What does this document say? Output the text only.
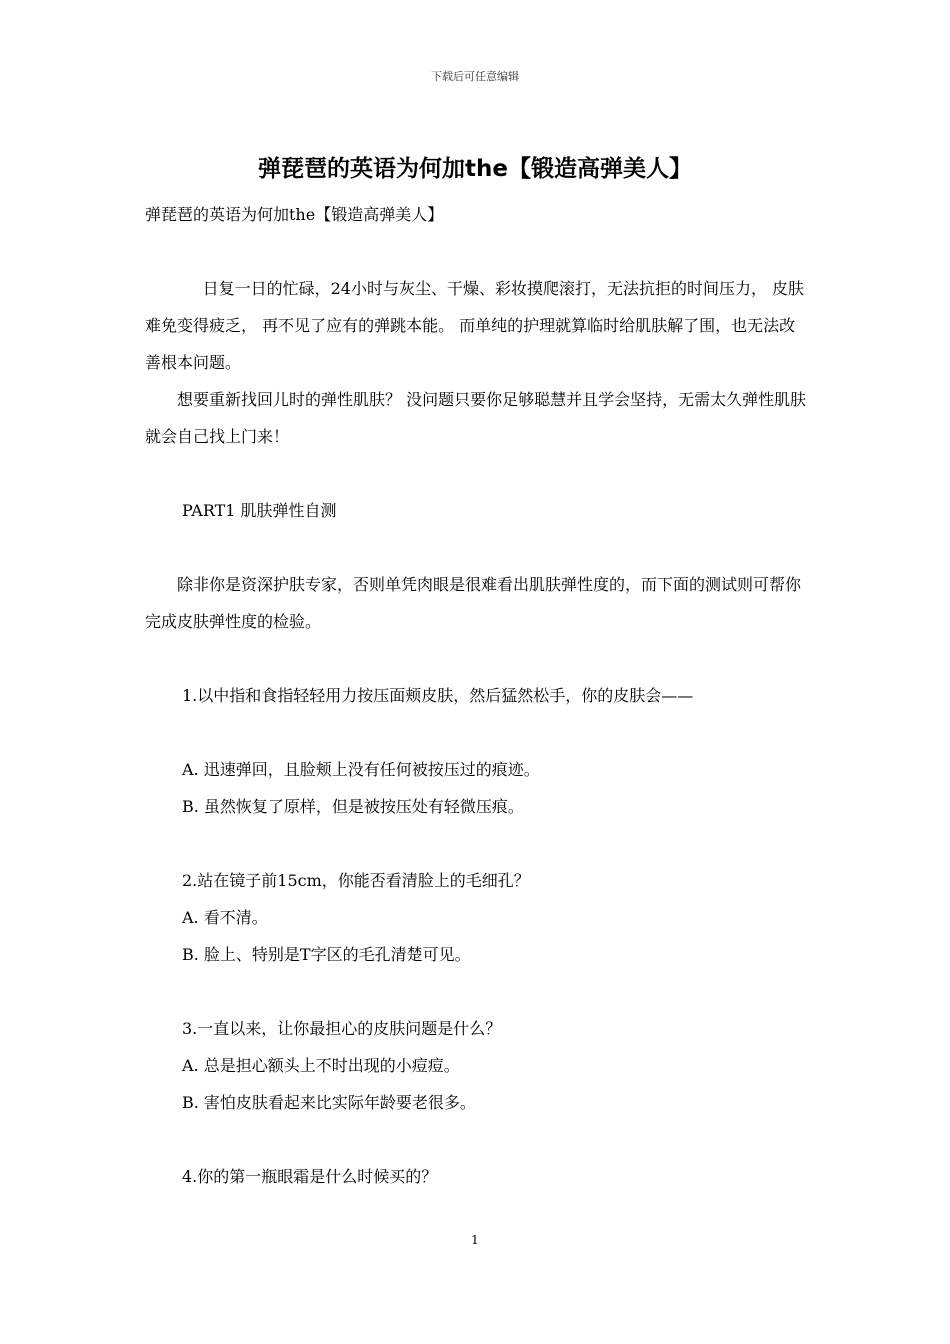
下载后可任意编辑
弹琵琶的英语为何加the【锻造高弹美人】

弹琵琶的英语为何加the【锻造高弹美人】

日复一日的忙碌，24小时与灰尘、干燥、彩妆摸爬滚打，无法抗拒的时间压力， 皮肤难免变得疲乏， 再不见了应有的弹跳本能。 而单纯的护理就算临时给肌肤解了围，也无法改善根本问题。

想要重新找回儿时的弹性肌肤？ 没问题只要你足够聪慧并且学会坚持，无需太久弹性肌肤就会自己找上门来！

PART1 肌肤弹性自测

除非你是资深护肤专家，否则单凭肉眼是很难看出肌肤弹性度的，而下面的测试则可帮你完成皮肤弹性度的检验。

1.以中指和食指轻轻用力按压面颊皮肤，然后猛然松手，你的皮肤会——

A. 迅速弹回，且脸颊上没有任何被按压过的痕迹。

B. 虽然恢复了原样，但是被按压处有轻微压痕。

2.站在镜子前15cm，你能否看清脸上的毛细孔？

A. 看不清。

B. 脸上、特别是T字区的毛孔清楚可见。

3.一直以来，让你最担心的皮肤问题是什么？

A. 总是担心额头上不时出现的小痘痘。

B. 害怕皮肤看起来比实际年龄要老很多。

4.你的第一瓶眼霜是什么时候买的？

1
